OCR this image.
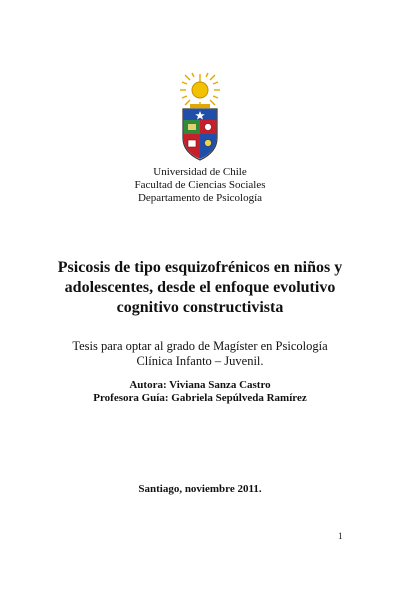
Universidad de Chile
Facultad de Ciencias Sociales
Departamento de Psicología
Psicosis de tipo esquizofrénicos en niños y
adolescentes, desde el enfoque evolutivo
cognitivo constructivista
Tesis para optar al grado de Magíster en Psicología
Clínica Infanto – Juvenil.
Autora: Viviana Sanza Castro
Profesora Guía: Gabriela Sepúlveda Ramírez
Santiago, noviembre 2011.
1
